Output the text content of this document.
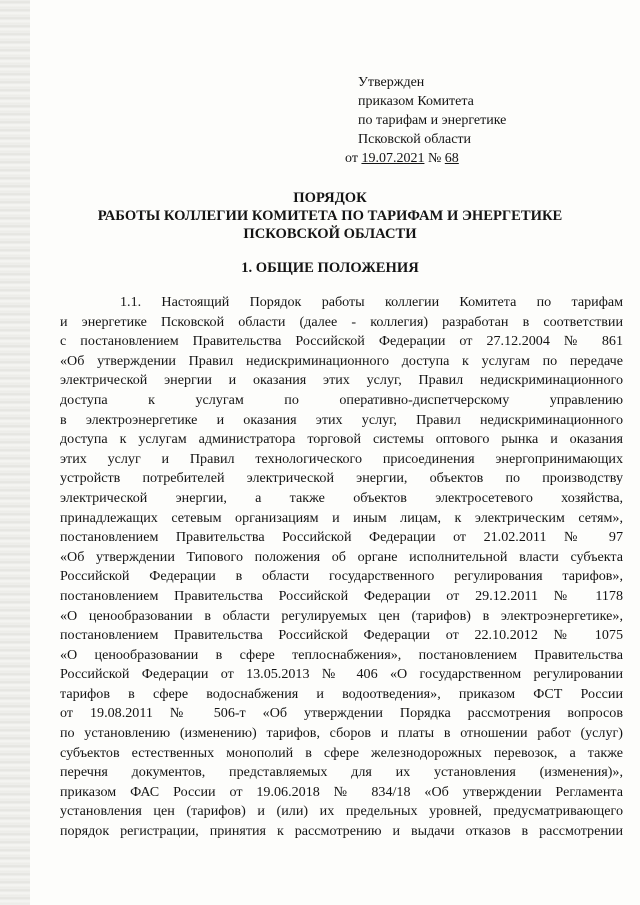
Утвержден
приказом Комитета
по тарифам и энергетике
Псковской области
от 19.07.2021 № 68
ПОРЯДОК
РАБОТЫ КОЛЛЕГИИ КОМИТЕТА ПО ТАРИФАМ И ЭНЕРГЕТИКЕ
ПСКОВСКОЙ ОБЛАСТИ
1. ОБЩИЕ ПОЛОЖЕНИЯ
1.1. Настоящий Порядок работы коллегии Комитета по тарифам
и энергетике Псковской области (далее - коллегия) разработан в соответствии
с постановлением Правительства Российской Федерации от 27.12.2004 № 861
«Об утверждении Правил недискриминационного доступа к услугам по передаче
электрической энергии и оказания этих услуг, Правил недискриминационного
доступа к услугам по оперативно-диспетчерскому управлению
в электроэнергетике и оказания этих услуг, Правил недискриминационного
доступа к услугам администратора торговой системы оптового рынка и оказания
этих услуг и Правил технологического присоединения энергопринимающих
устройств потребителей электрической энергии, объектов по производству
электрической энергии, а также объектов электросетевого хозяйства,
принадлежащих сетевым организациям и иным лицам, к электрическим сетям»,
постановлением Правительства Российской Федерации от 21.02.2011 № 97
«Об утверждении Типового положения об органе исполнительной власти субъекта
Российской Федерации в области государственного регулирования тарифов»,
постановлением Правительства Российской Федерации от 29.12.2011 № 1178
«О ценообразовании в области регулируемых цен (тарифов) в электроэнергетике»,
постановлением Правительства Российской Федерации от 22.10.2012 № 1075
«О ценообразовании в сфере теплоснабжения», постановлением Правительства
Российской Федерации от 13.05.2013 № 406 «О государственном регулировании
тарифов в сфере водоснабжения и водоотведения», приказом ФСТ России
от 19.08.2011 № 506-т «Об утверждении Порядка рассмотрения вопросов
по установлению (изменению) тарифов, сборов и платы в отношении работ (услуг)
субъектов естественных монополий в сфере железнодорожных перевозок, а также
перечня документов, представляемых для их установления (изменения)»,
приказом ФАС России от 19.06.2018 № 834/18 «Об утверждении Регламента
установления цен (тарифов) и (или) их предельных уровней, предусматривающего
порядок регистрации, принятия к рассмотрению и выдачи отказов в рассмотрении
